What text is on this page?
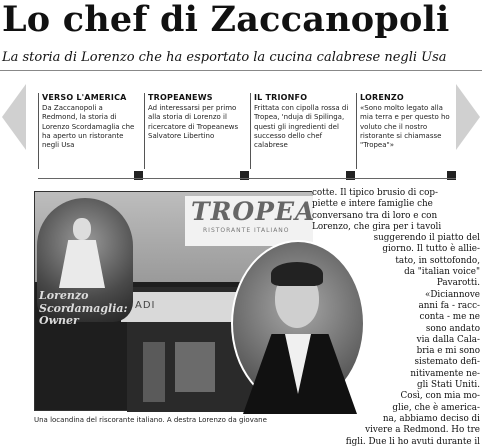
Lo chef di Zaccanopoli
La storia di Lorenzo che ha esportato la cucina calabrese negli Usa
VERSO L'AMERICA
Da Zaccanopoli a Redmond, la storia di Lorenzo Scordamaglia che ha aperto un ristorante negli Usa
TROPEANEWS
Ad interessarsi per primo alla storia di Lorenzo il ricercatore di Tropeanews Salvatore Libertino
IL TRIONFO
Frittata con cipolla rossa di Tropea, 'nduja di Spilinga, questi gli ingredienti del successo dello chef calabrese
LORENZO
«Sono molto legato alla mia terra e per questo ho voluto che il nostro ristorante si chiamasse "Tropea"»
TROPEA
RISTORANTE ITALIANO
ADI
Lorenzo
Scordamaglia:
Owner
Una locandina del riscorante italiano. A destra Lorenzo da giovane
cotte. Il tipico brusio di cop-
piette e intere famiglie che
conversano tra di loro e con
Lorenzo, che gira per i tavoli
suggerendo il piatto del
giorno. Il tutto è allie-
tato, in sottofondo,
da "italian voice"
Pavarotti.
«Diciannove
anni fa - racc-
conta - me ne
sono andato
via dalla Cala-
bria e mi sono
sistemato defi-
nitivamente ne-
gli Stati Uniti.
Così, con mia mo-
glie, che è america-
na, abbiamo deciso di
vivere a Redmond. Ho tre
figli. Due li ho avuti durante il
